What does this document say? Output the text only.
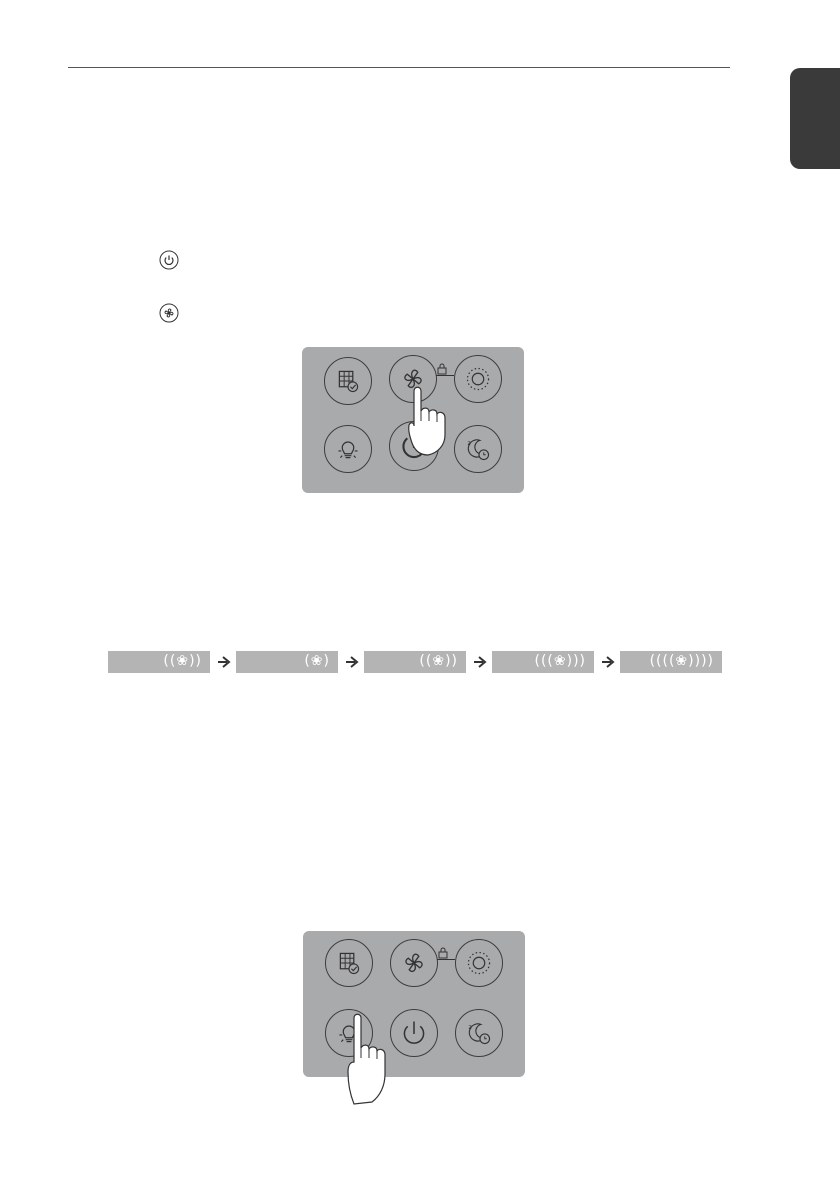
z
((❀))	(❀)	((❀))	(((❀)))	((((❀))))
z
